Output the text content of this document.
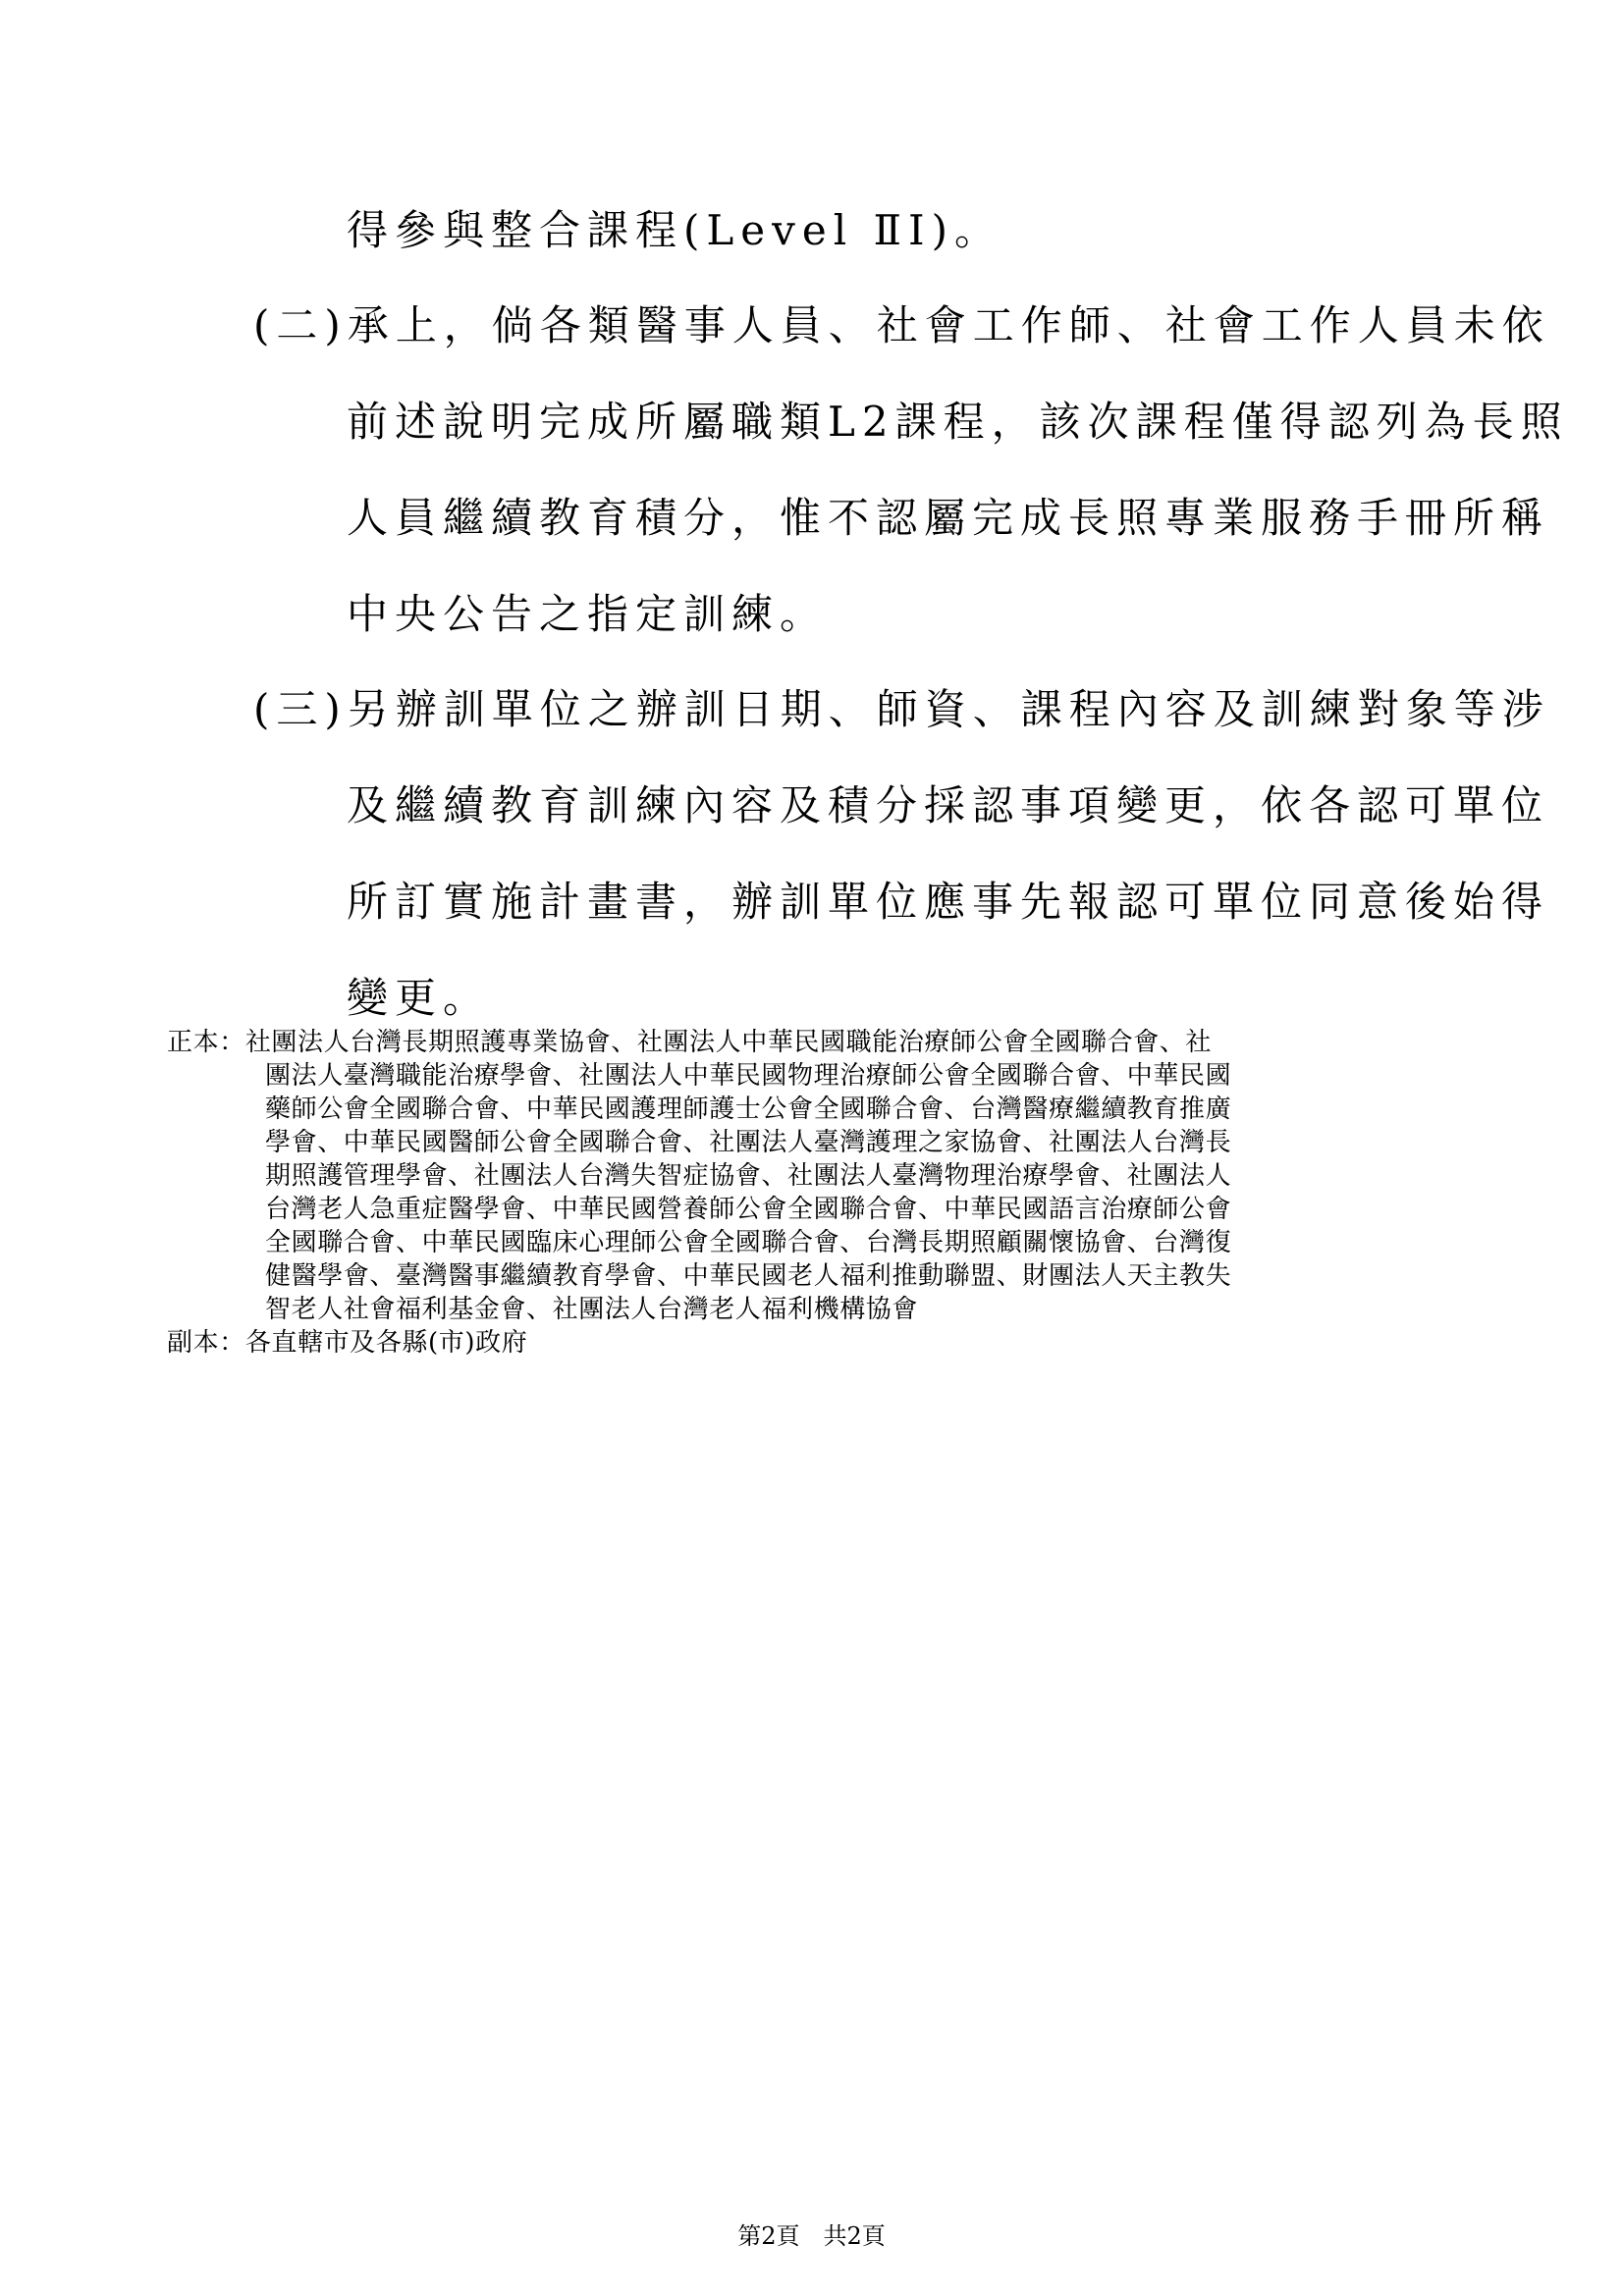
得參與整合課程(Level ⅡI)。
(二)承上，倘各類醫事人員、社會工作師、社會工作人員未依
前述說明完成所屬職類L2課程，該次課程僅得認列為長照
人員繼續教育積分，惟不認屬完成長照專業服務手冊所稱
中央公告之指定訓練。
(三)另辦訓單位之辦訓日期、師資、課程內容及訓練對象等涉
及繼續教育訓練內容及積分採認事項變更，依各認可單位
所訂實施計畫書，辦訓單位應事先報認可單位同意後始得
變更。
正本：社團法人台灣長期照護專業協會、社團法人中華民國職能治療師公會全國聯合會、社
團法人臺灣職能治療學會、社團法人中華民國物理治療師公會全國聯合會、中華民國
藥師公會全國聯合會、中華民國護理師護士公會全國聯合會、台灣醫療繼續教育推廣
學會、中華民國醫師公會全國聯合會、社團法人臺灣護理之家協會、社團法人台灣長
期照護管理學會、社團法人台灣失智症協會、社團法人臺灣物理治療學會、社團法人
台灣老人急重症醫學會、中華民國營養師公會全國聯合會、中華民國語言治療師公會
全國聯合會、中華民國臨床心理師公會全國聯合會、台灣長期照顧關懷協會、台灣復
健醫學會、臺灣醫事繼續教育學會、中華民國老人福利推動聯盟、財團法人天主教失
智老人社會福利基金會、社團法人台灣老人福利機構協會
副本：各直轄市及各縣(市)政府
第2頁　共2頁
